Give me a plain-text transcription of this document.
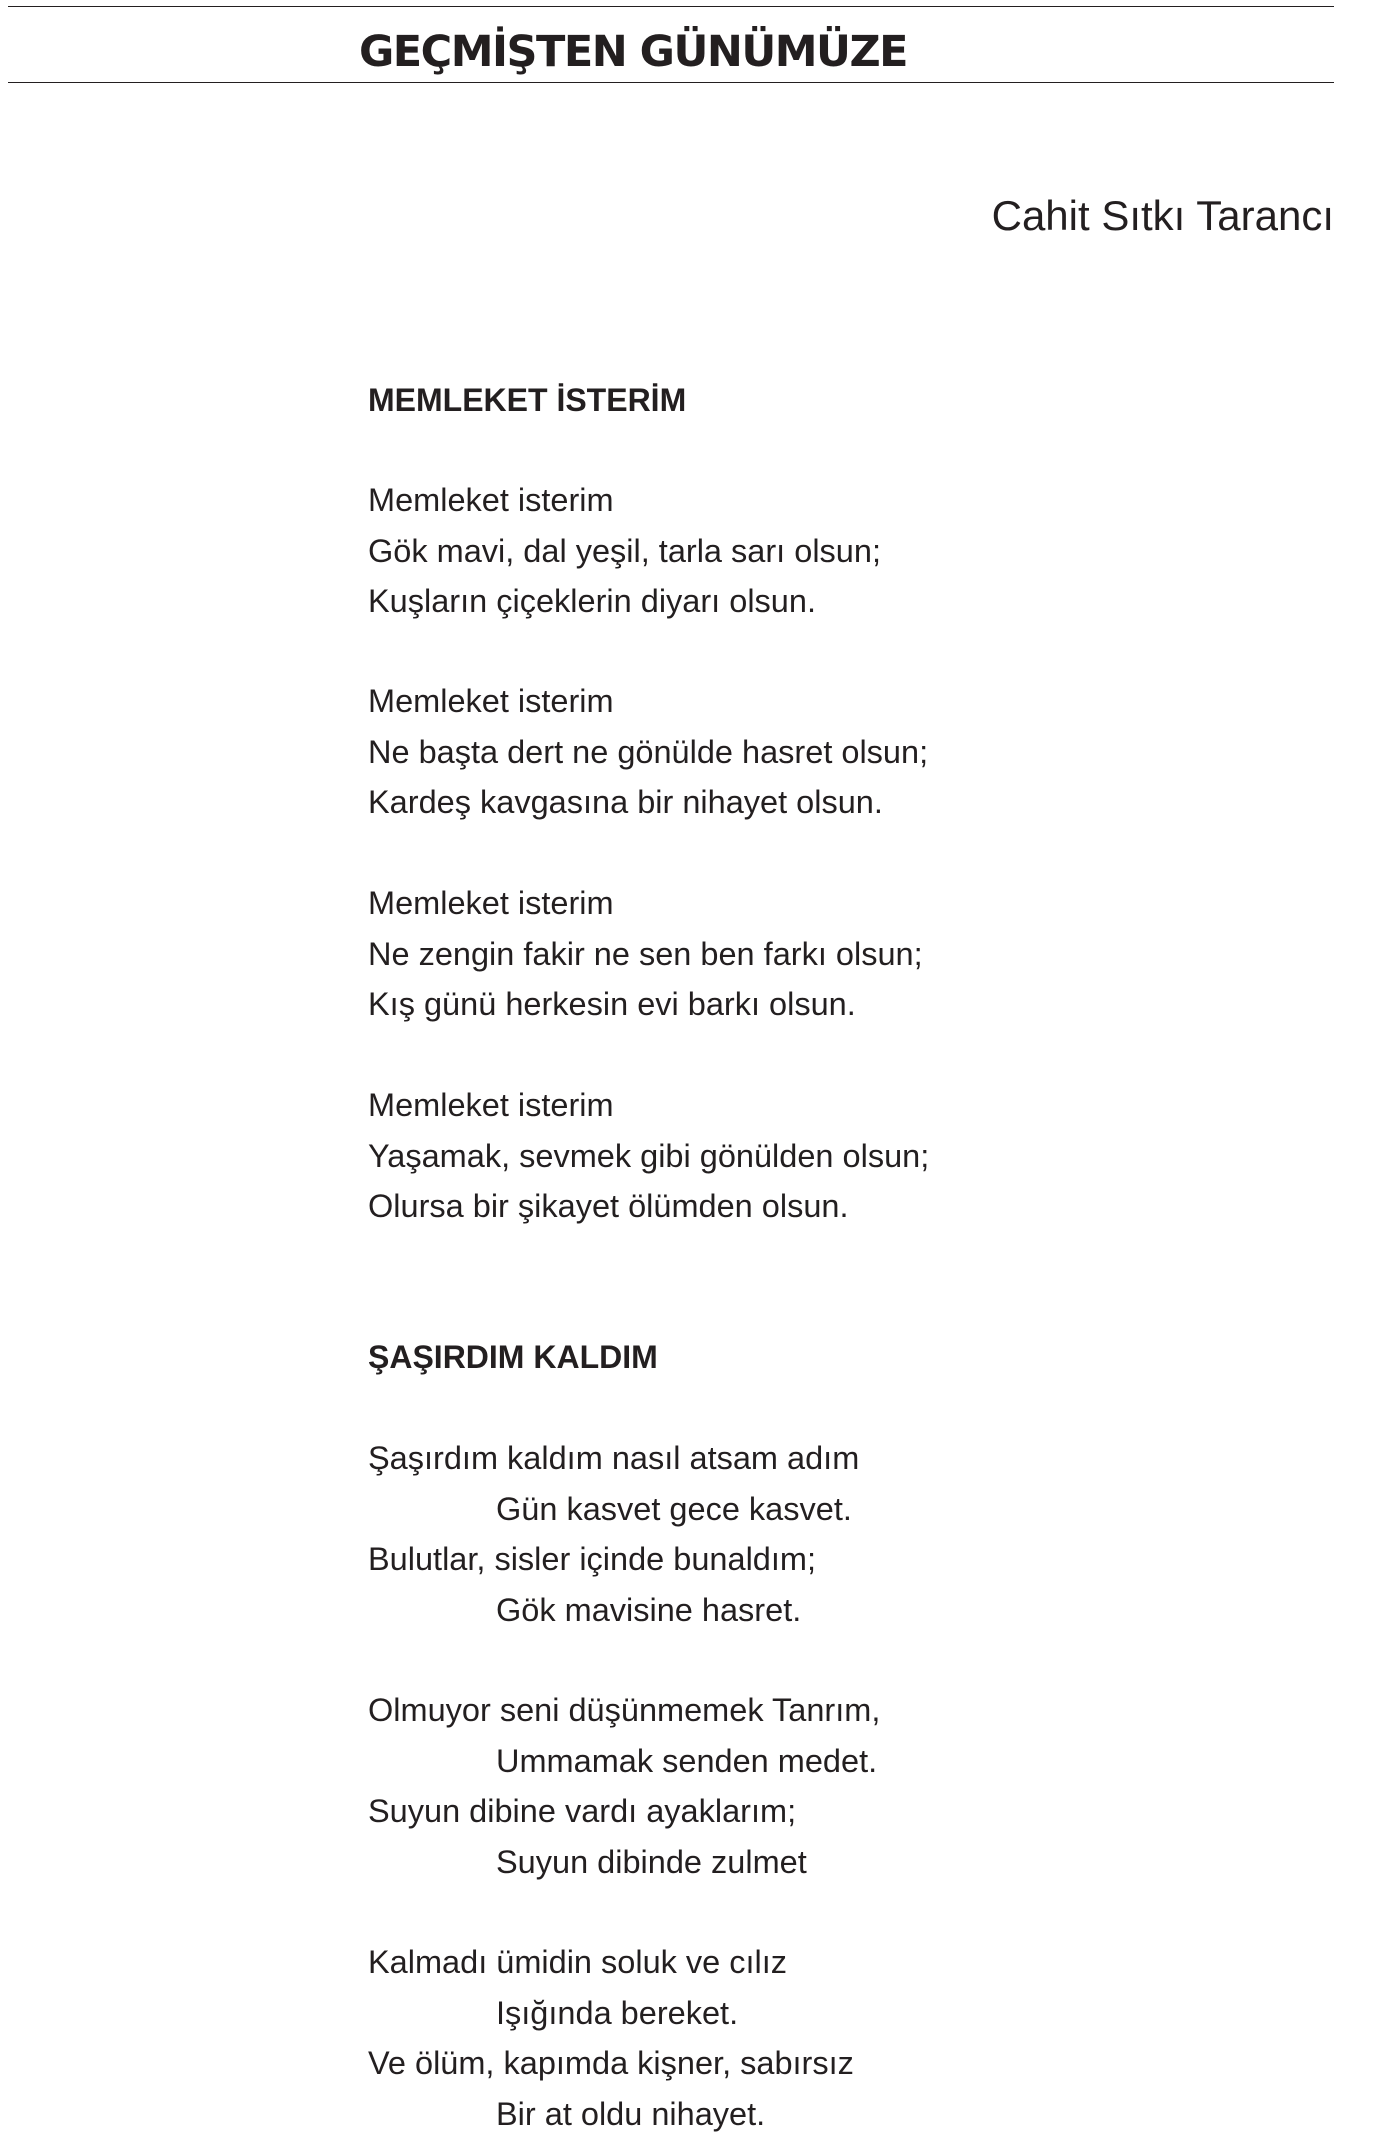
GEÇMİŞTEN GÜNÜMÜZE
Cahit Sıtkı Tarancı
MEMLEKET İSTERİM
Memleket isterim
Gök mavi, dal yeşil, tarla sarı olsun;
Kuşların çiçeklerin diyarı olsun.
Memleket isterim
Ne başta dert ne gönülde hasret olsun;
Kardeş kavgasına bir nihayet olsun.
Memleket isterim
Ne zengin fakir ne sen ben farkı olsun;
Kış günü herkesin evi barkı olsun.
Memleket isterim
Yaşamak, sevmek gibi gönülden olsun;
Olursa bir şikayet ölümden olsun.
ŞAŞIRDIM KALDIM
Şaşırdım kaldım nasıl atsam adım
Gün kasvet gece kasvet.
Bulutlar, sisler içinde bunaldım;
Gök mavisine hasret.
Olmuyor seni düşünmemek Tanrım,
Ummamak senden medet.
Suyun dibine vardı ayaklarım;
Suyun dibinde zulmet
Kalmadı ümidin soluk ve cılız
Işığında bereket.
Ve ölüm, kapımda kişner, sabırsız
Bir at oldu nihayet.
